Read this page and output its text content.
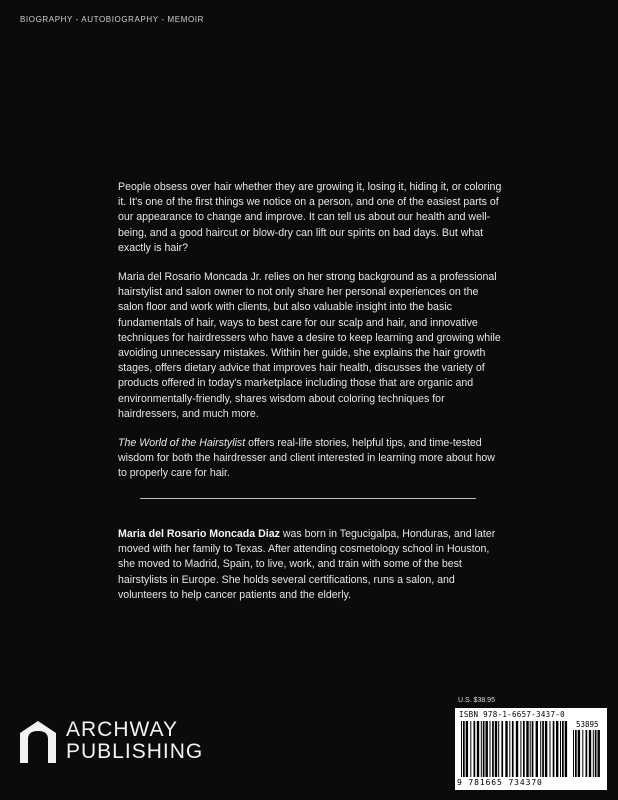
BIOGRAPHY - AUTOBIOGRAPHY - MEMOIR

People obsess over hair whether they are growing it, losing it, hiding it, or coloring it. It's one of the first things we notice on a person, and one of the easiest parts of our appearance to change and improve. It can tell us about our health and well-being, and a good haircut or blow-dry can lift our spirits on bad days. But what exactly is hair?

Maria del Rosario Moncada Jr. relies on her strong background as a professional hairstylist and salon owner to not only share her personal experiences on the salon floor and work with clients, but also valuable insight into the basic fundamentals of hair, ways to best care for our scalp and hair, and innovative techniques for hairdressers who have a desire to keep learning and growing while avoiding unnecessary mistakes. Within her guide, she explains the hair growth stages, offers dietary advice that improves hair health, discusses the variety of products offered in today's marketplace including those that are organic and environmentally-friendly, shares wisdom about coloring techniques for hairdressers, and much more.

The World of the Hairstylist offers real-life stories, helpful tips, and time-tested wisdom for both the hairdresser and client interested in learning more about how to properly care for hair.

Maria del Rosario Moncada Diaz was born in Tegucigalpa, Honduras, and later moved with her family to Texas. After attending cosmetology school in Houston, she moved to Madrid, Spain, to live, work, and train with some of the best hairstylists in Europe. She holds several certifications, runs a salon, and volunteers to help cancer patients and the elderly.
ARCHWAY
PUBLISHING
U.S. $38.95
ISBN 978-1-6657-3437-0
53895
9 781665 734370
